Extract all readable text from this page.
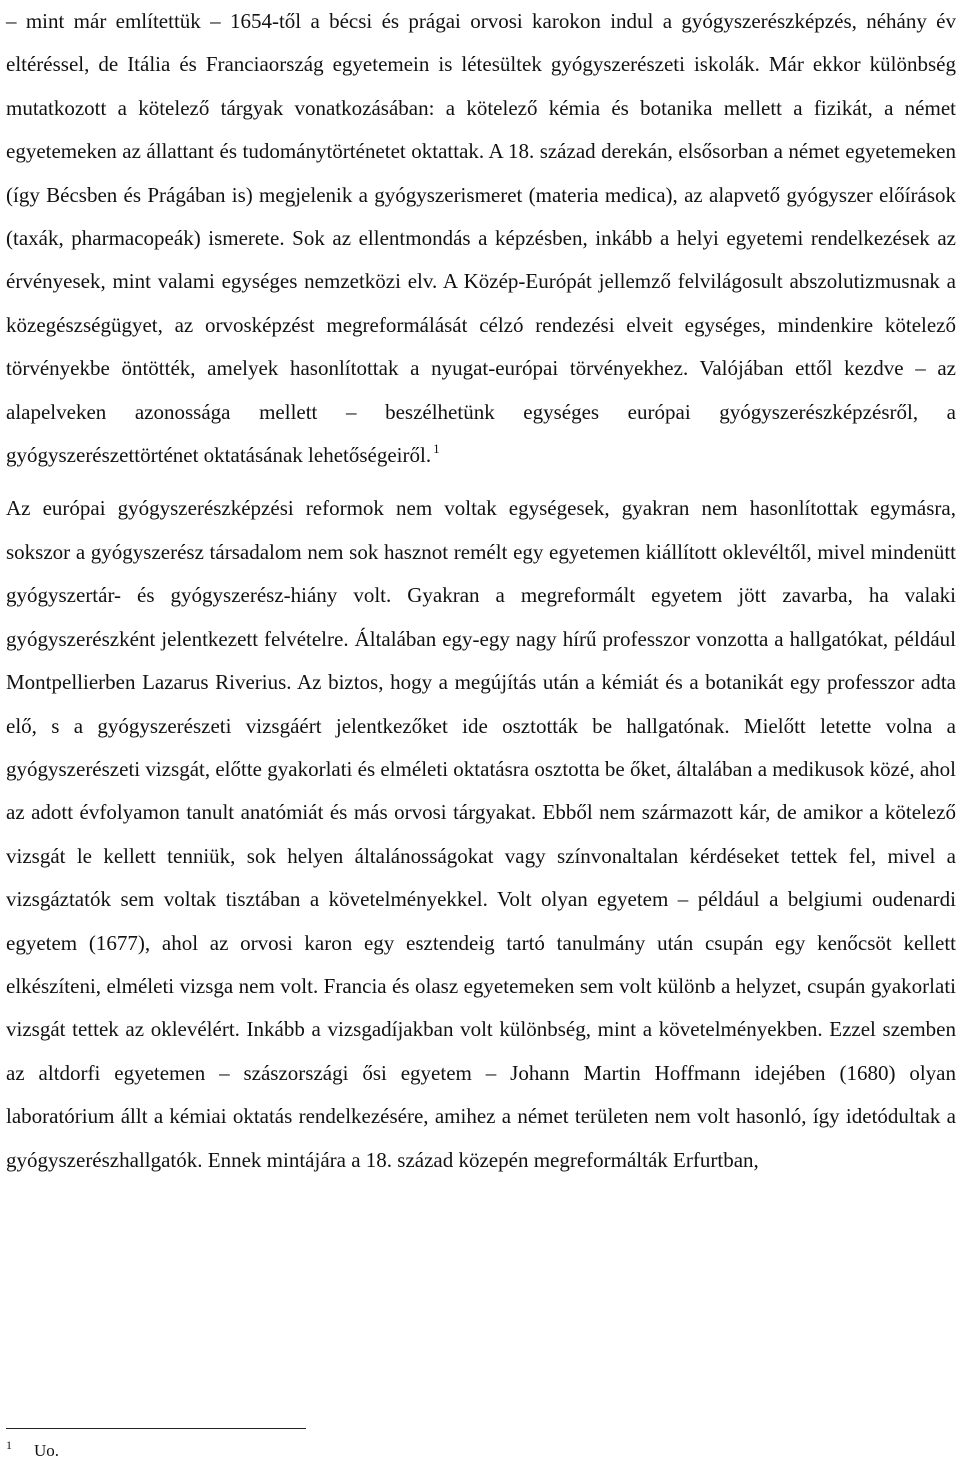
– mint már említettük – 1654-től a bécsi és prágai orvosi karokon indul a gyógyszerészképzés, néhány év eltéréssel, de Itália és Franciaország egyetemein is létesültek gyógyszerészeti iskolák. Már ekkor különbség mutatkozott a kötelező tárgyak vonatkozásában: a kötelező kémia és botanika mellett a fizikát, a német egyetemeken az állattant és tudománytörténetet oktattak. A 18. század derekán, elsősorban a német egyetemeken (így Bécsben és Prágában is) megjelenik a gyógyszerismeret (materia medica), az alapvető gyógyszer előírások (taxák, pharmacopeák) ismerete. Sok az ellentmondás a képzésben, inkább a helyi egyetemi rendelkezések az érvényesek, mint valami egységes nemzetközi elv. A Közép-Európát jellemző felvilágosult abszolutizmusnak a közegészségügyet, az orvosképzést megreformálását célzó rendezési elveit egységes, mindenkire kötelező törvényekbe öntötték, amelyek hasonlítottak a nyugat-európai törvényekhez. Valójában ettől kezdve – az alapelveken azonossága mellett – beszélhetünk egységes európai gyógyszerészképzésről, a gyógyszerészettörténet oktatásának lehetőségeiről. $^1$

Az európai gyógyszerészképzési reformok nem voltak egységesek, gyakran nem hasonlítottak egymásra, sokszor a gyógyszerész társadalom nem sok hasznot remélt egy egyetemen kiállított oklevéltől, mivel mindenütt gyógyszertár- és gyógyszerész-hiány volt. Gyakran a megreformált egyetem jött zavarba, ha valaki gyógyszerészként jelentkezett felvételre. Általában egy-egy nagy hírű professzor vonzotta a hallgatókat, például Montpellierben Lazarus Riverius. Az biztos, hogy a megújítás után a kémiát és a botanikát egy professzor adta elő, s a gyógyszerészeti vizsgáért jelentkezőket ide osztották be hallgatónak. Mielőtt letette volna a gyógyszerészeti vizsgát, előtte gyakorlati és elméleti oktatásra osztotta be őket, általában a medikusok közé, ahol az adott évfolyamon tanult anatómiát és más orvosi tárgyakat. Ebből nem származott kár, de amikor a kötelező vizsgát le kellett tenniük, sok helyen általánosságokat vagy színvonaltalan kérdéseket tettek fel, mivel a vizsgáztatók sem voltak tisztában a követelményekkel. Volt olyan egyetem – például a belgiumi oudenardi egyetem (1677), ahol az orvosi karon egy esztendeig tartó tanulmány után csupán egy kenőcsöt kellett elkészíteni, elméleti vizsga nem volt. Francia és olasz egyetemeken sem volt különb a helyzet, csupán gyakorlati vizsgát tettek az oklevélért. Inkább a vizsgadíjakban volt különbség, mint a követelményekben. Ezzel szemben az altdorfi egyetemen – szászországi ősi egyetem – Johann Martin Hoffmann idejében (1680) olyan laboratórium állt a kémiai oktatás rendelkezésére, amihez a német területen nem volt hasonló, így idetódultak a gyógyszerészhallgatók. Ennek mintájára a 18. század közepén megreformálták Erfurtban,

1 Uo.
